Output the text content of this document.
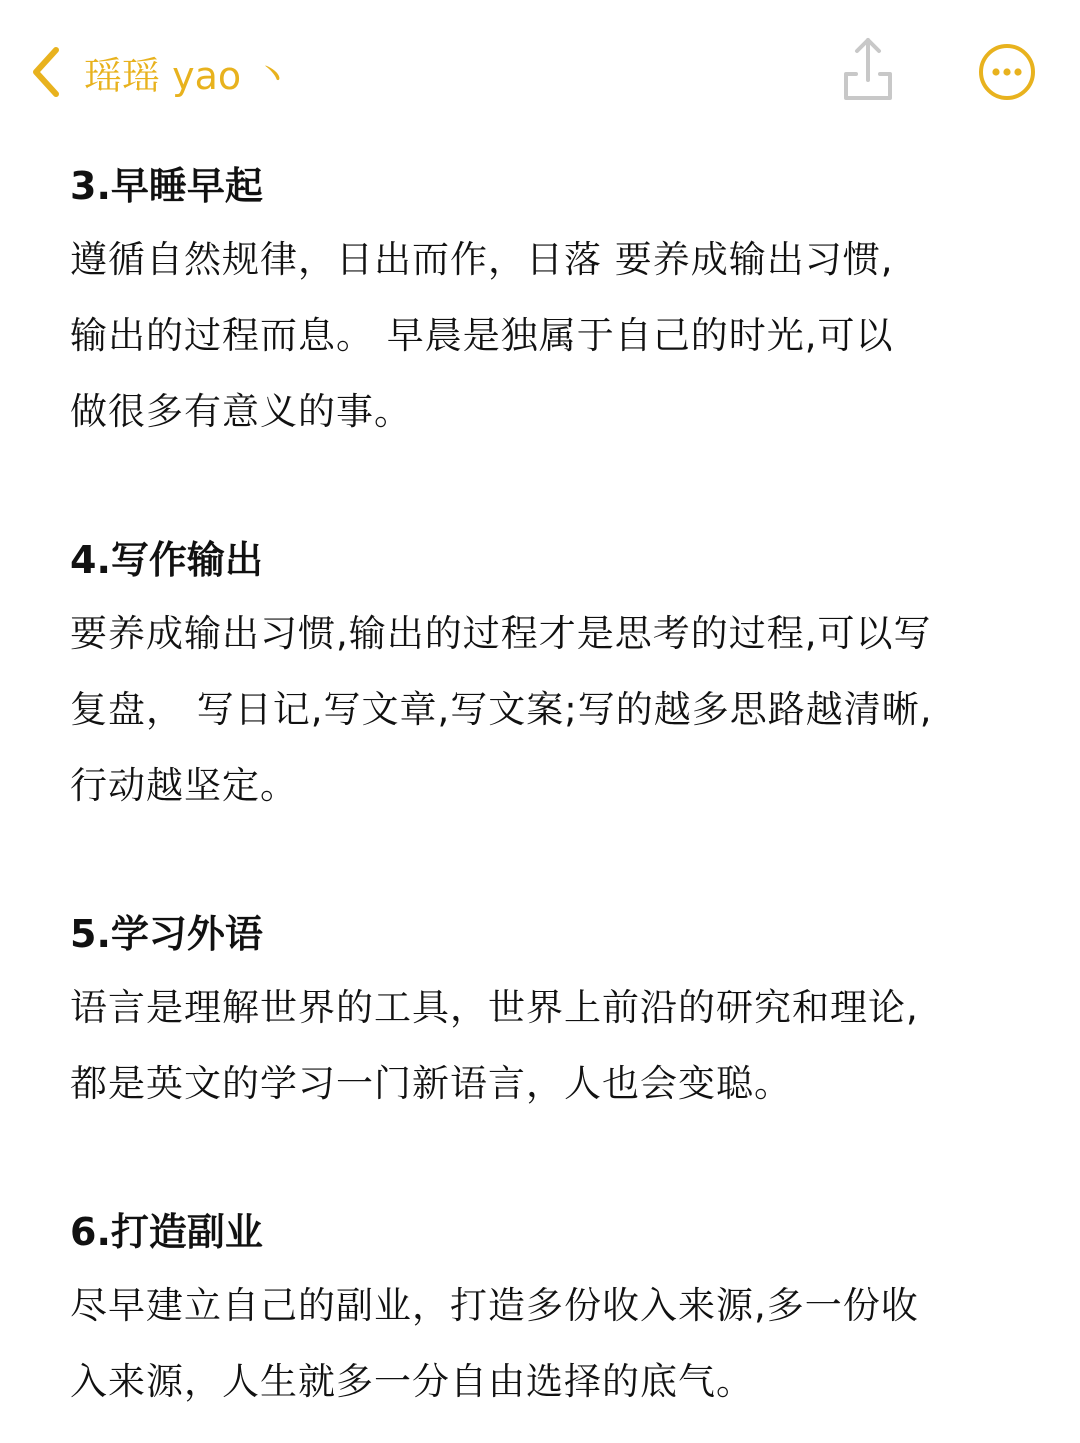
瑶瑶 yao 丶

3.早睡早起

遵循自然规律，日出而作，日落 要养成输出习惯,

输出的过程而息。 早晨是独属于自己的时光,可以

做很多有意义的事。

4.写作输出

要养成输出习惯,输出的过程才是思考的过程,可以写

复盘， 写日记,写文章,写文案;写的越多思路越清晰,

行动越坚定。

5.学习外语

语言是理解世界的工具，世界上前沿的研究和理论,

都是英文的学习一门新语言，人也会变聪。

6.打造副业

尽早建立自己的副业，打造多份收入来源,多一份收

入来源，人生就多一分自由选择的底气。
